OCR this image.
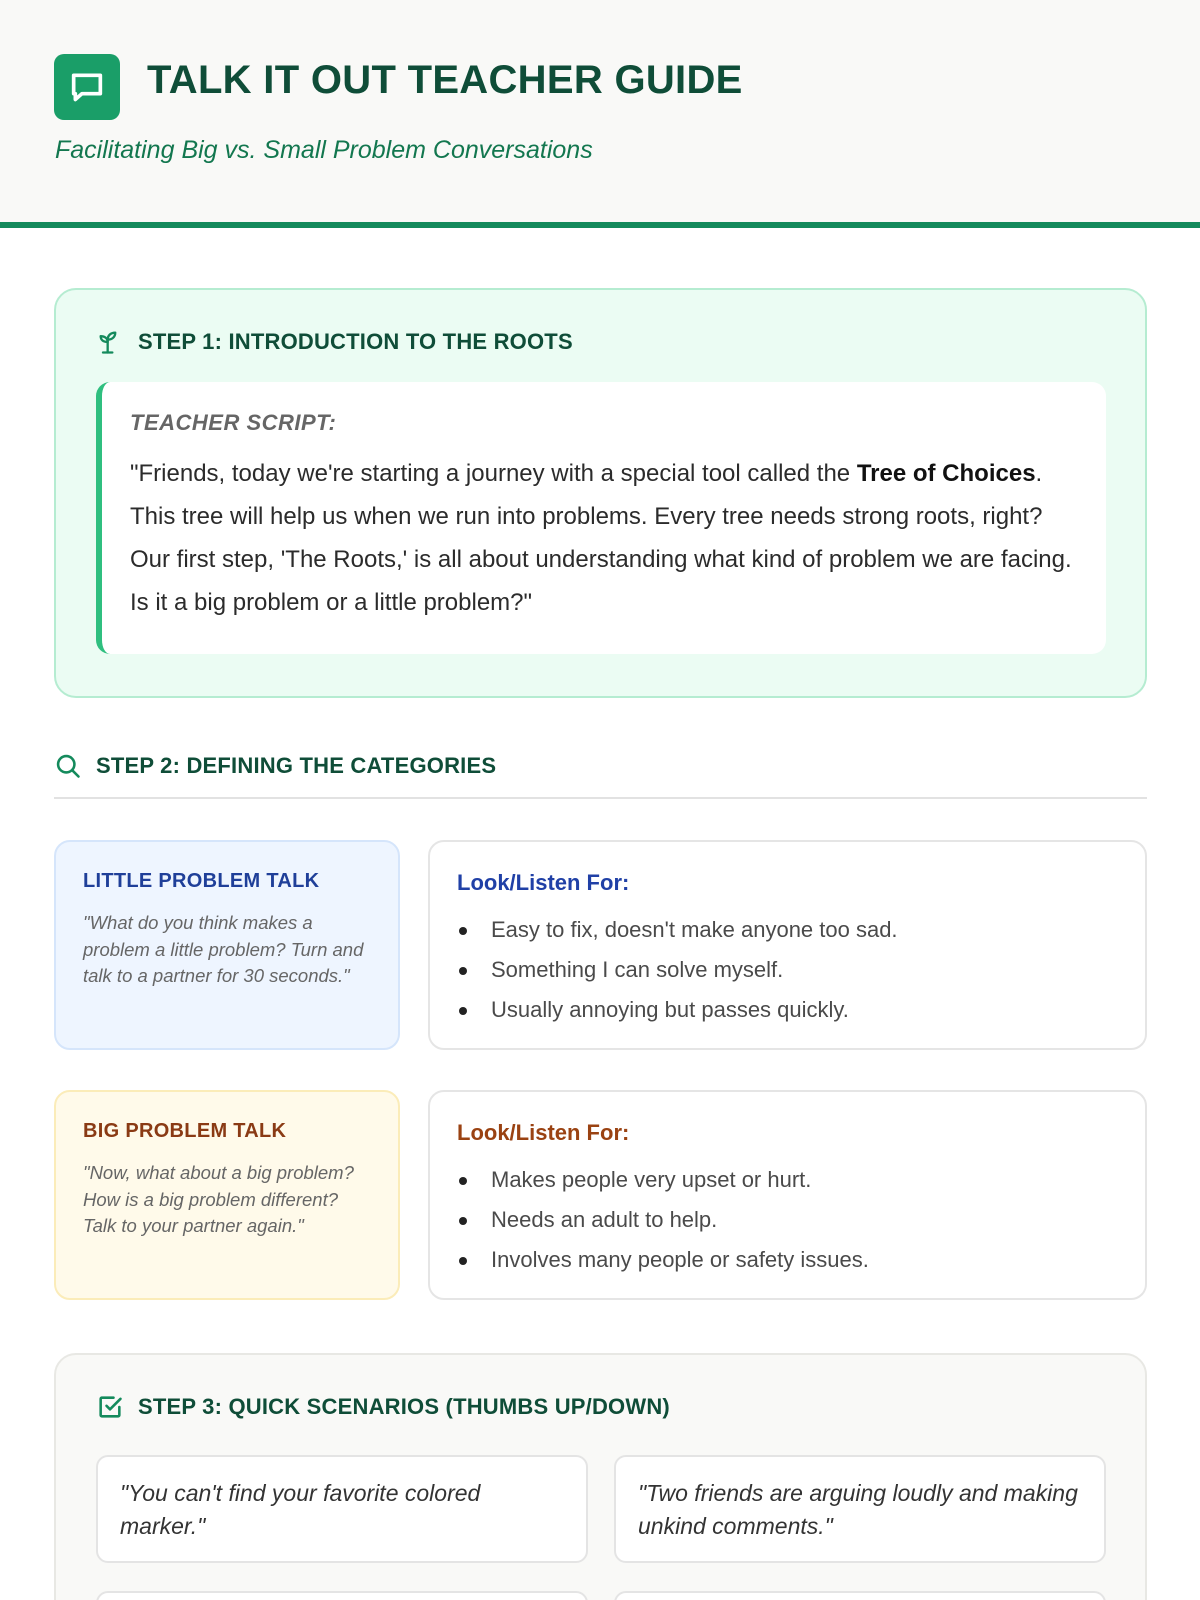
TALK IT OUT TEACHER GUIDE
Facilitating Big vs. Small Problem Conversations
STEP 1: INTRODUCTION TO THE ROOTS
TEACHER SCRIPT:
"Friends, today we're starting a journey with a special tool called the Tree of Choices. This tree will help us when we run into problems. Every tree needs strong roots, right? Our first step, 'The Roots,' is all about understanding what kind of problem we are facing. Is it a big problem or a little problem?"
STEP 2: DEFINING THE CATEGORIES
LITTLE PROBLEM TALK
"What do you think makes a problem a little problem? Turn and talk to a partner for 30 seconds."
Look/Listen For:
Easy to fix, doesn't make anyone too sad.
Something I can solve myself.
Usually annoying but passes quickly.
BIG PROBLEM TALK
"Now, what about a big problem? How is a big problem different? Talk to your partner again."
Look/Listen For:
Makes people very upset or hurt.
Needs an adult to help.
Involves many people or safety issues.
STEP 3: QUICK SCENARIOS (THUMBS UP/DOWN)
"You can't find your favorite colored marker."
"Two friends are arguing loudly and making unkind comments."
